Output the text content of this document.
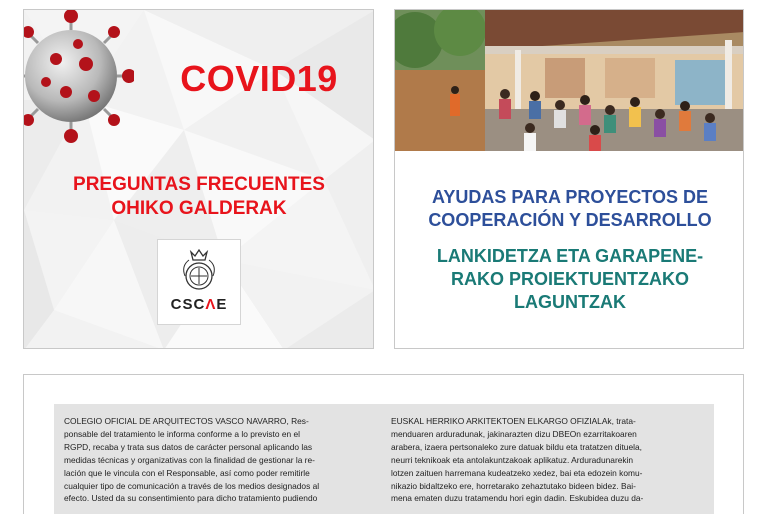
COVID19
PREGUNTAS FRECUENTES
OHIKO GALDERAK
CSCΛE
AYUDAS PARA PROYECTOS DE
COOPERACIÓN Y DESARROLLO
LANKIDETZA ETA GARAPENE-
RAKO PROIEKTUENTZAKO
LAGUNTZAK
COLEGIO OFICIAL DE ARQUITECTOS VASCO NAVARRO, Res-
ponsable del tratamiento le informa conforme a lo previsto en el
RGPD, recaba y trata sus datos de carácter personal aplicando las
medidas técnicas y organizativas con la finalidad de gestionar la re-
lación que le vincula con el Responsable, así como poder remitirle
cualquier tipo de comunicación a través de los medios designados al
efecto. Usted da su consentimiento para dicho tratamiento pudiendo
EUSKAL HERRIKO ARKITEKTOEN ELKARGO OFIZIALAk, trata-
menduaren arduradunak, jakinarazten dizu DBEOn ezarritakoaren
arabera, izaera pertsonaleko zure datuak bildu eta tratatzen dituela,
neurri teknikoak eta antolakuntzakoak aplikatuz. Arduradunarekin
lotzen zaituen harremana kudeatzeko xedez, bai eta edozein komu-
nikazio bidaltzeko ere, horretarako zehaztutako bideen bidez. Bai-
mena ematen duzu tratamendu hori egin dadin. Eskubidea duzu da-
